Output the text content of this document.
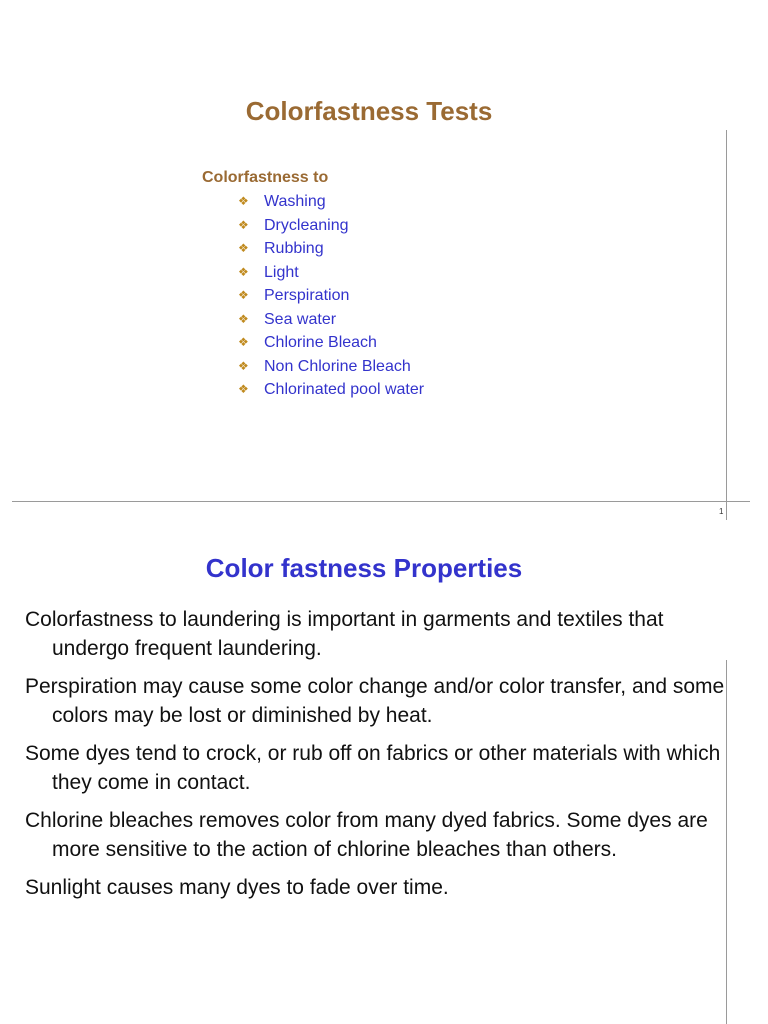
Colorfastness Tests
Colorfastness to
❖ Washing
❖ Drycleaning
❖ Rubbing
❖ Light
❖ Perspiration
❖ Sea water
❖ Chlorine Bleach
❖ Non Chlorine Bleach
❖ Chlorinated pool water
1
Color fastness Properties

Colorfastness to laundering is important in garments and textiles that undergo frequent laundering.

Perspiration may cause some color change and/or color transfer, and some colors may be lost or diminished by heat.

Some dyes tend to crock, or rub off on fabrics or other materials with which they come in contact.

Chlorine bleaches removes color from many dyed fabrics. Some dyes are more sensitive to the action of chlorine bleaches than others.

Sunlight causes many dyes to fade over time.
